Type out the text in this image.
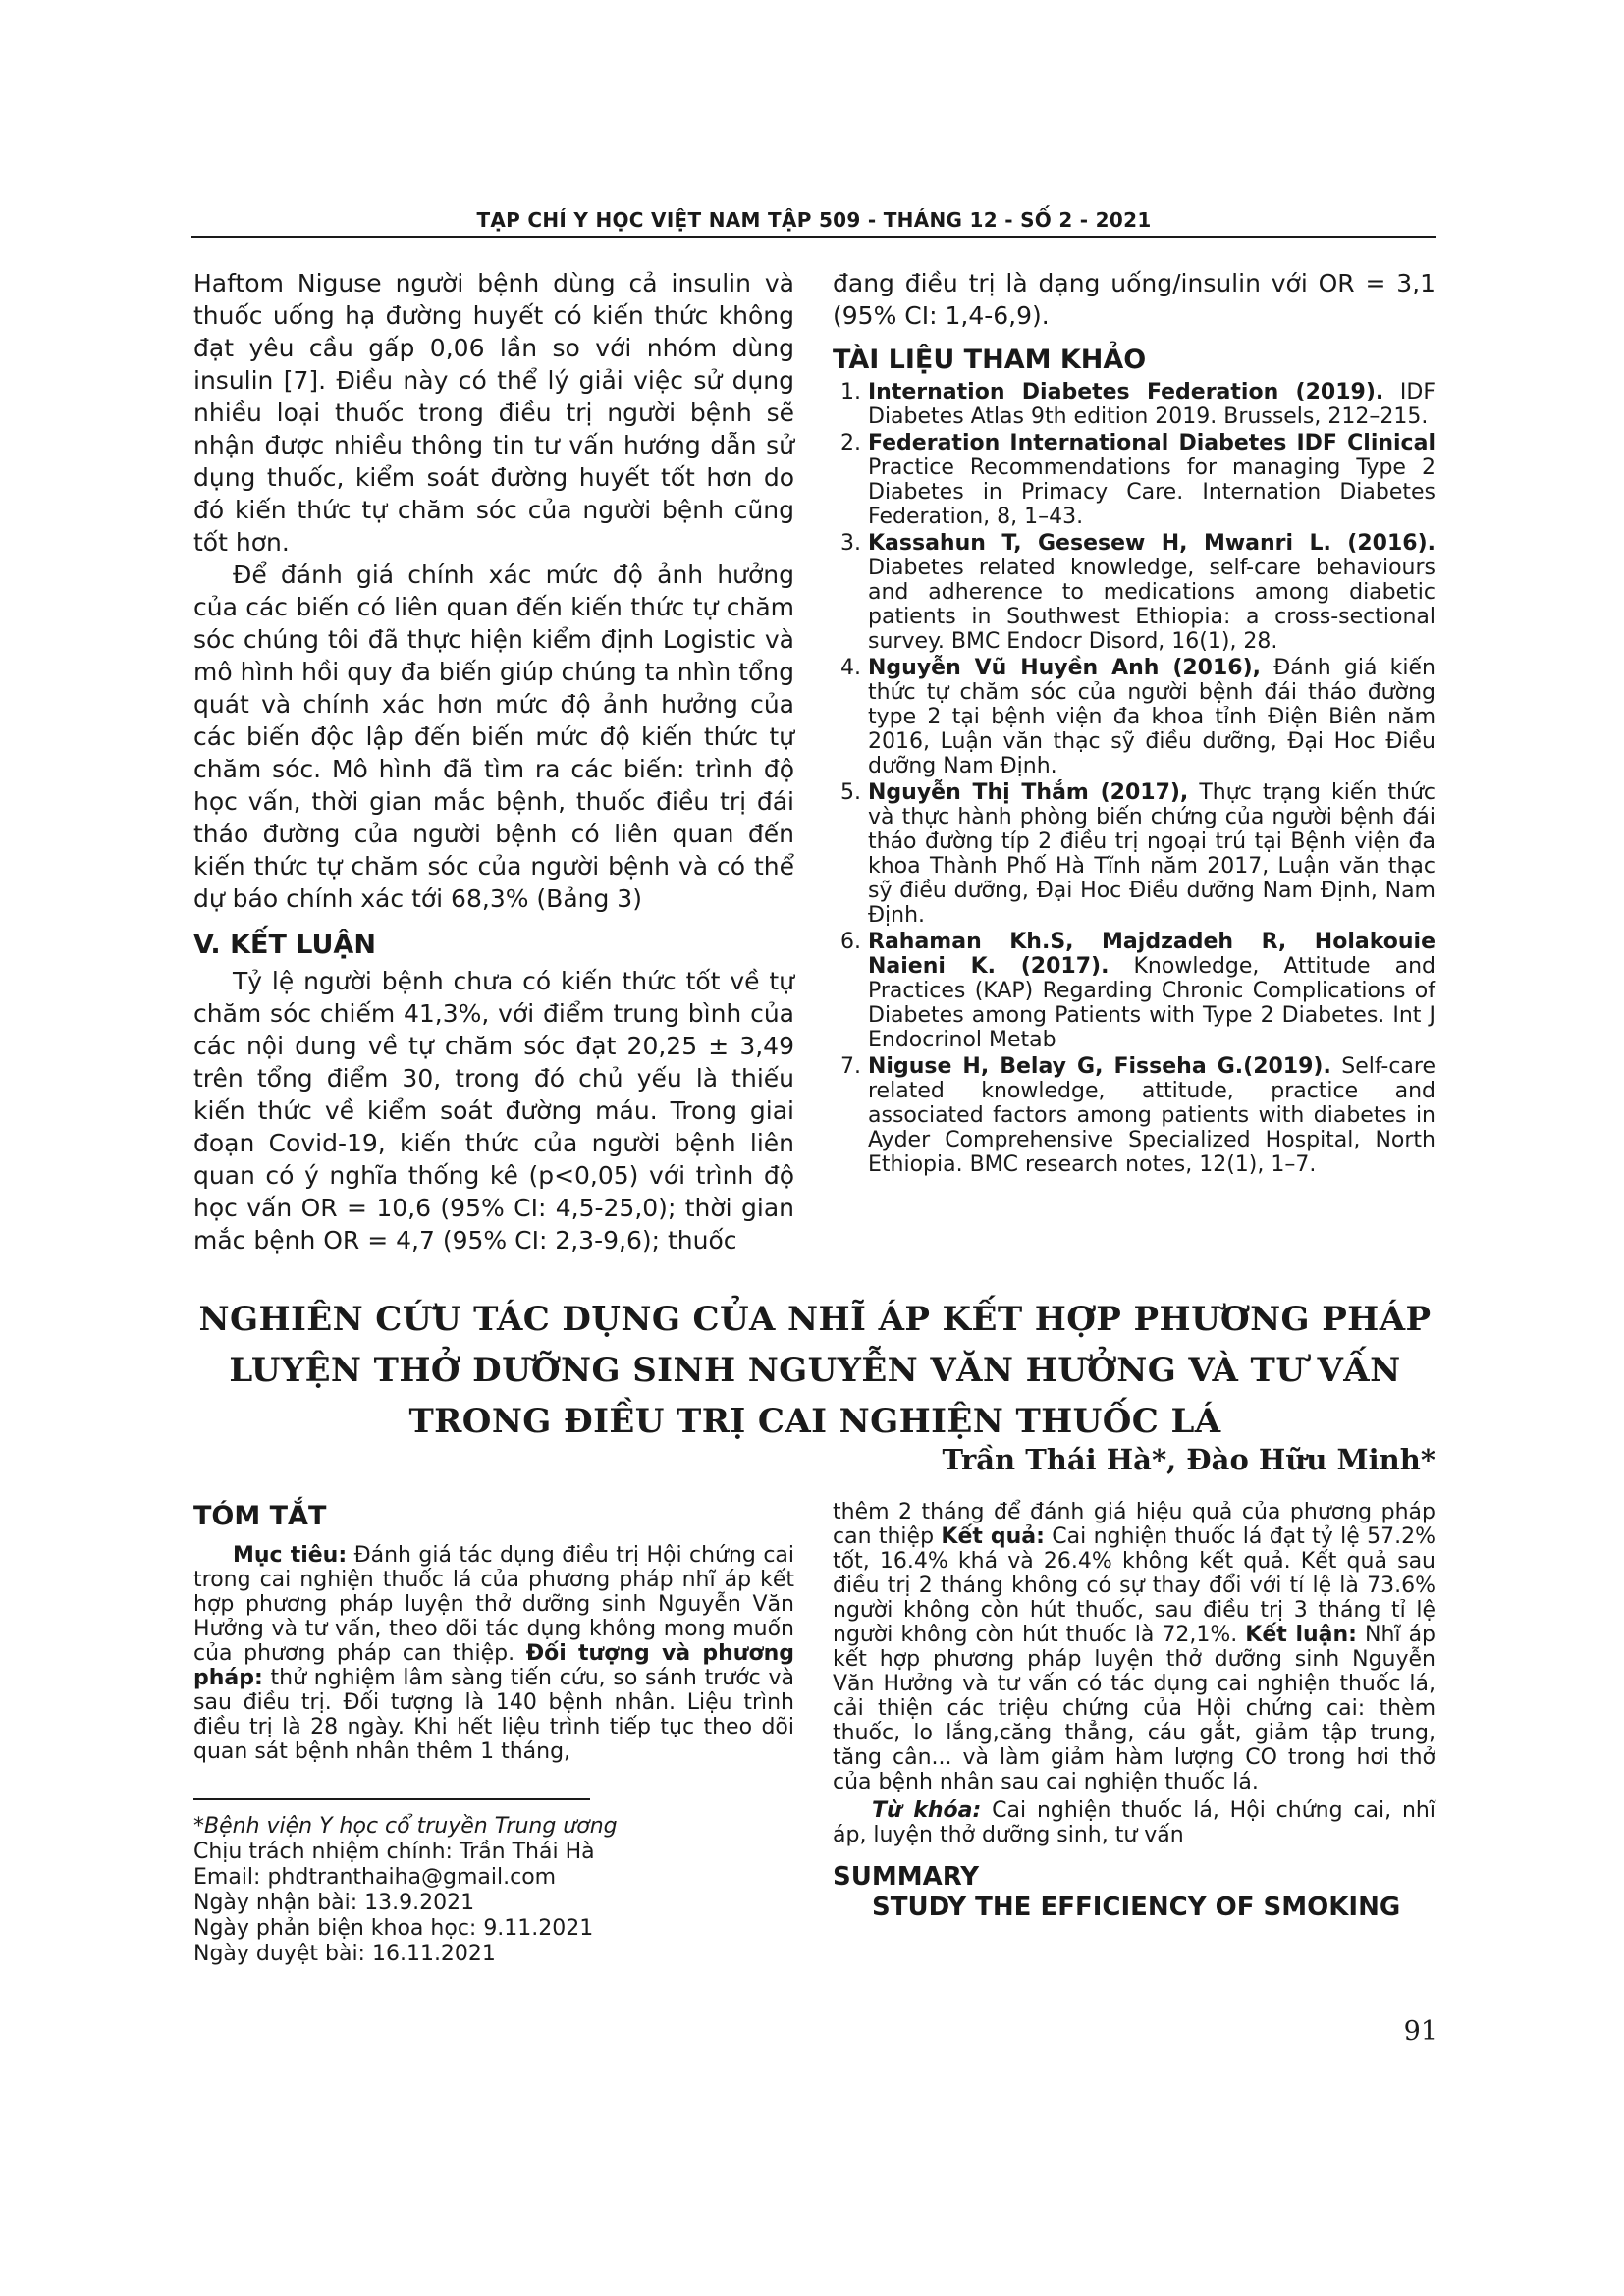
TẠP CHÍ Y HỌC VIỆT NAM TẬP 509 - THÁNG 12 - SỐ 2 - 2021

Haftom Niguse người bệnh dùng cả insulin và thuốc uống hạ đường huyết có kiến thức không đạt yêu cầu gấp 0,06 lần so với nhóm dùng insulin [7]. Điều này có thể lý giải việc sử dụng nhiều loại thuốc trong điều trị người bệnh sẽ nhận được nhiều thông tin tư vấn hướng dẫn sử dụng thuốc, kiểm soát đường huyết tốt hơn do đó kiến thức tự chăm sóc của người bệnh cũng tốt hơn.

Để đánh giá chính xác mức độ ảnh hưởng của các biến có liên quan đến kiến thức tự chăm sóc chúng tôi đã thực hiện kiểm định Logistic và mô hình hồi quy đa biến giúp chúng ta nhìn tổng quát và chính xác hơn mức độ ảnh hưởng của các biến độc lập đến biến mức độ kiến thức tự chăm sóc. Mô hình đã tìm ra các biến: trình độ học vấn, thời gian mắc bệnh, thuốc điều trị đái tháo đường của người bệnh có liên quan đến kiến thức tự chăm sóc của người bệnh và có thể dự báo chính xác tới 68,3% (Bảng 3)

V. KẾT LUẬN

Tỷ lệ người bệnh chưa có kiến thức tốt về tự chăm sóc chiếm 41,3%, với điểm trung bình của các nội dung về tự chăm sóc đạt 20,25 ± 3,49 trên tổng điểm 30, trong đó chủ yếu là thiếu kiến thức về kiểm soát đường máu. Trong giai đoạn Covid-19, kiến thức của người bệnh liên quan có ý nghĩa thống kê (p<0,05) với trình độ học vấn OR = 10,6 (95% CI: 4,5-25,0); thời gian mắc bệnh OR = 4,7 (95% CI: 2,3-9,6); thuốc

đang điều trị là dạng uống/insulin với OR = 3,1 (95% CI: 1,4-6,9).

TÀI LIỆU THAM KHẢO
1. Internation Diabetes Federation (2019). IDF Diabetes Atlas 9th edition 2019. Brussels, 212–215.
2. Federation International Diabetes IDF Clinical Practice Recommendations for managing Type 2 Diabetes in Primacy Care. Internation Diabetes Federation, 8, 1–43.
3. Kassahun T, Gesesew H, Mwanri L. (2016). Diabetes related knowledge, self-care behaviours and adherence to medications among diabetic patients in Southwest Ethiopia: a cross-sectional survey. BMC Endocr Disord, 16(1), 28.
4. Nguyễn Vũ Huyền Anh (2016), Đánh giá kiến thức tự chăm sóc của người bệnh đái tháo đường type 2 tại bệnh viện đa khoa tỉnh Điện Biên năm 2016, Luận văn thạc sỹ điều dưỡng, Đại Hoc Điều dưỡng Nam Định.
5. Nguyễn Thị Thắm (2017), Thực trạng kiến thức và thực hành phòng biến chứng của người bệnh đái tháo đường típ 2 điều trị ngoại trú tại Bệnh viện đa khoa Thành Phố Hà Tĩnh năm 2017, Luận văn thạc sỹ điều dưỡng, Đại Hoc Điều dưỡng Nam Định, Nam Định.
6. Rahaman Kh.S, Majdzadeh R, Holakouie Naieni K. (2017). Knowledge, Attitude and Practices (KAP) Regarding Chronic Complications of Diabetes among Patients with Type 2 Diabetes. Int J Endocrinol Metab
7. Niguse H, Belay G, Fisseha G.(2019). Self-care related knowledge, attitude, practice and associated factors among patients with diabetes in Ayder Comprehensive Specialized Hospital, North Ethiopia. BMC research notes, 12(1), 1–7.
NGHIÊN CỨU TÁC DỤNG CỦA NHĨ ÁP KẾT HỢP PHƯƠNG PHÁP
LUYỆN THỞ DƯỠNG SINH NGUYỄN VĂN HƯỞNG VÀ TƯ VẤN
TRONG ĐIỀU TRỊ CAI NGHIỆN THUỐC LÁ
Trần Thái Hà*, Đào Hữu Minh*
TÓM TẮT

Mục tiêu: Đánh giá tác dụng điều trị Hội chứng cai trong cai nghiện thuốc lá của phương pháp nhĩ áp kết hợp phương pháp luyện thở dưỡng sinh Nguyễn Văn Hưởng và tư vấn, theo dõi tác dụng không mong muốn của phương pháp can thiệp. Đối tượng và phương pháp: thử nghiệm lâm sàng tiến cứu, so sánh trước và sau điều trị. Đối tượng là 140 bệnh nhân. Liệu trình điều trị là 28 ngày. Khi hết liệu trình tiếp tục theo dõi quan sát bệnh nhân thêm 1 tháng,

*Bệnh viện Y học cổ truyền Trung ương
Chịu trách nhiệm chính: Trần Thái Hà
Email: phdtranthaiha@gmail.com
Ngày nhận bài: 13.9.2021
Ngày phản biện khoa học: 9.11.2021
Ngày duyệt bài: 16.11.2021

thêm 2 tháng để đánh giá hiệu quả của phương pháp can thiệp Kết quả: Cai nghiện thuốc lá đạt tỷ lệ 57.2% tốt, 16.4% khá và 26.4% không kết quả. Kết quả sau điều trị 2 tháng không có sự thay đổi với tỉ lệ là 73.6% người không còn hút thuốc, sau điều trị 3 tháng tỉ lệ người không còn hút thuốc là 72,1%. Kết luận: Nhĩ áp kết hợp phương pháp luyện thở dưỡng sinh Nguyễn Văn Hưởng và tư vấn có tác dụng cai nghiện thuốc lá, cải thiện các triệu chứng của Hội chứng cai: thèm thuốc, lo lắng,căng thẳng, cáu gắt, giảm tập trung, tăng cân... và làm giảm hàm lượng CO trong hơi thở của bệnh nhân sau cai nghiện thuốc lá.

Từ khóa: Cai nghiện thuốc lá, Hội chứng cai, nhĩ áp, luyện thở dưỡng sinh, tư vấn

SUMMARY
STUDY THE EFFICIENCY OF SMOKING
91
